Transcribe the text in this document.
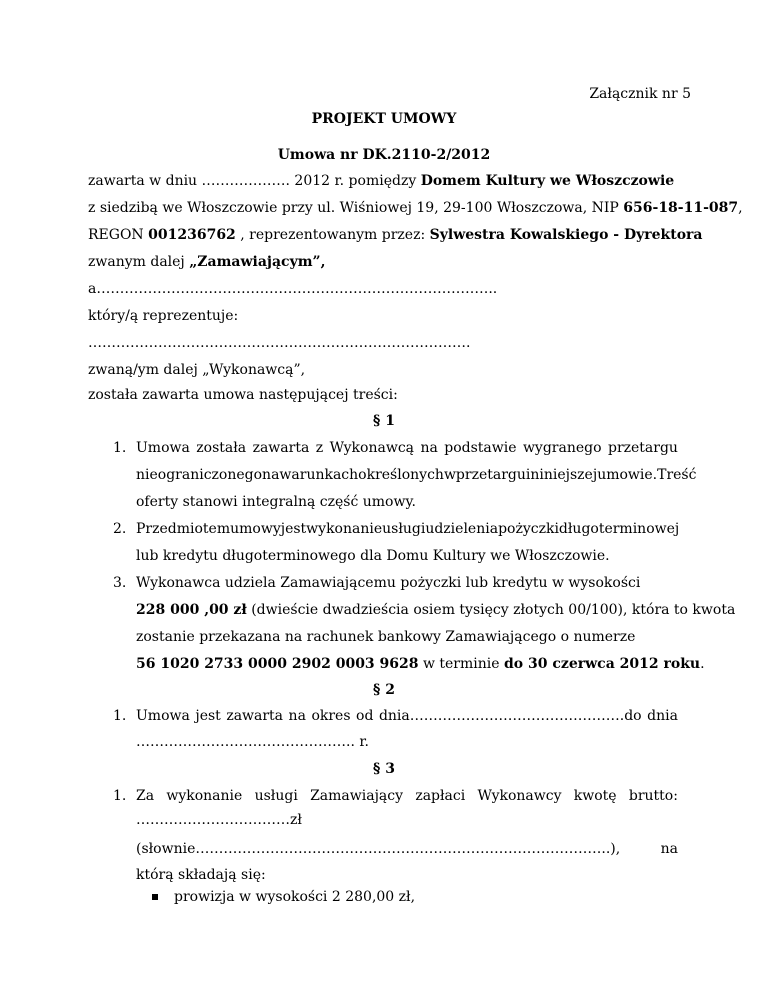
Załącznik nr 5
PROJEKT UMOWY
Umowa nr DK.2110-2/2012
zawarta w dniu ………………. 2012 r. pomiędzy Domem Kultury we Włoszczowie
z siedzibą we Włoszczowie przy ul. Wiśniowej 19, 29-100 Włoszczowa, NIP 656-18-11-087,
REGON 001236762 , reprezentowanym przez: Sylwestra Kowalskiego - Dyrektora
zwanym dalej „Zamawiającym”,
a…………………………………………………………………………..
który/ą reprezentuje:
……………………………………………………………………….
zwaną/ym dalej „Wykonawcą”,
została zawarta umowa następującej treści:
§ 1
1. Umowa została zawarta z Wykonawcą na podstawie wygranego przetargu
nieograniczonego na warunkach określonych w przetargu i niniejszej umowie. Treść
oferty stanowi integralną część umowy.
2. Przedmiotem umowy jest wykonanie usługi udzielenia pożyczki długoterminowej
lub kredytu długoterminowego dla Domu Kultury we Włoszczowie.
3. Wykonawca udziela Zamawiającemu pożyczki lub kredytu w wysokości
228 000 ,00 zł (dwieście dwadzieścia osiem tysięcy złotych 00/100), która to kwota
zostanie przekazana na rachunek bankowy Zamawiającego o numerze
56 1020 2733 0000 2902 0003 9628 w terminie do 30 czerwca 2012 roku.
§ 2
1. Umowa jest zawarta na okres od dnia……………………………………….do dnia
……………………………………….. r.
§ 3
1. Za wykonanie usługi Zamawiający zapłaci Wykonawcy kwotę brutto:
……………………………zł
(słownie……………………………………………………………………………..),	na
którą składają się:
prowizja w wysokości 2 280,00 zł,
